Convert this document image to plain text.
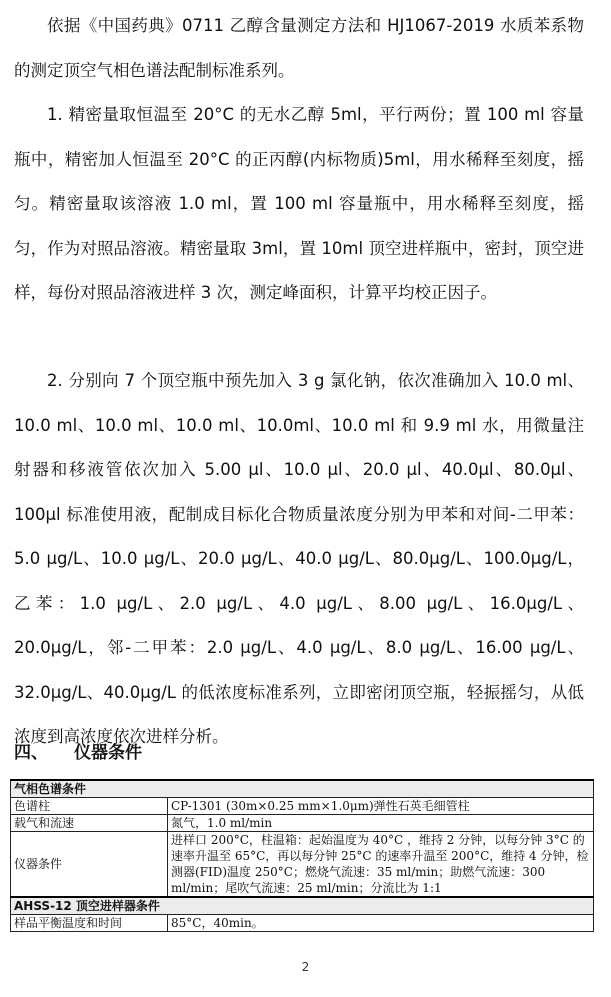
依据《中国药典》0711 乙醇含量测定方法和 HJ1067-2019 水质苯系物的测定顶空气相色谱法配制标准系列。

1. 精密量取恒温至 20°C 的无水乙醇 5ml，平行两份；置 100 ml 容量瓶中，精密加人恒温至 20°C 的正丙醇(内标物质)5ml，用水稀释至刻度，摇匀。精密量取该溶液 1.0 ml，置 100 ml 容量瓶中，用水稀释至刻度，摇匀，作为对照品溶液。精密量取 3ml，置 10ml 顶空进样瓶中，密封，顶空进样，每份对照品溶液进样 3 次，测定峰面积，计算平均校正因子。

2. 分别向 7 个顶空瓶中预先加入 3 g 氯化钠，依次准确加入 10.0 ml、10.0 ml、10.0 ml、10.0 ml、10.0ml、10.0 ml 和 9.9 ml 水，用微量注射器和移液管依次加入 5.00 μl、10.0 μl、20.0 μl、40.0μl、80.0μl、100μl 标准使用液，配制成目标化合物质量浓度分别为甲苯和对间-二甲苯：5.0 μg/L、10.0 μg/L、20.0 μg/L、40.0 μg/L、80.0μg/L、100.0μg/L，乙苯：1.0 μg/L、2.0 μg/L、4.0 μg/L、8.00 μg/L、16.0μg/L、20.0μg/L，邻-二甲苯：2.0 μg/L、4.0 μg/L、8.0 μg/L、16.00 μg/L、32.0μg/L、40.0μg/L 的低浓度标准系列，立即密闭顶空瓶，轻振摇匀，从低浓度到高浓度依次进样分析。

四、 仪器条件
气相色谱条件	
色谱柱	CP-1301 (30m×0.25 mm×1.0μm)弹性石英毛细管柱
载气和流速	氮气，1.0 ml/min
仪器条件	进样口 200°C，柱温箱：起始温度为 40°C ，维持 2 分钟，以每分钟 3°C 的速率升温至 65°C，再以每分钟 25°C 的速率升温至 200°C，维持 4 分钟，检测器(FID)温度 250°C；燃烧气流速：35 ml/min；助燃气流速：300 ml/min；尾吹气流速：25 ml/min；分流比为 1:1
AHSS-12 顶空进样器条件	
样品平衡温度和时间	85°C，40min。
2
